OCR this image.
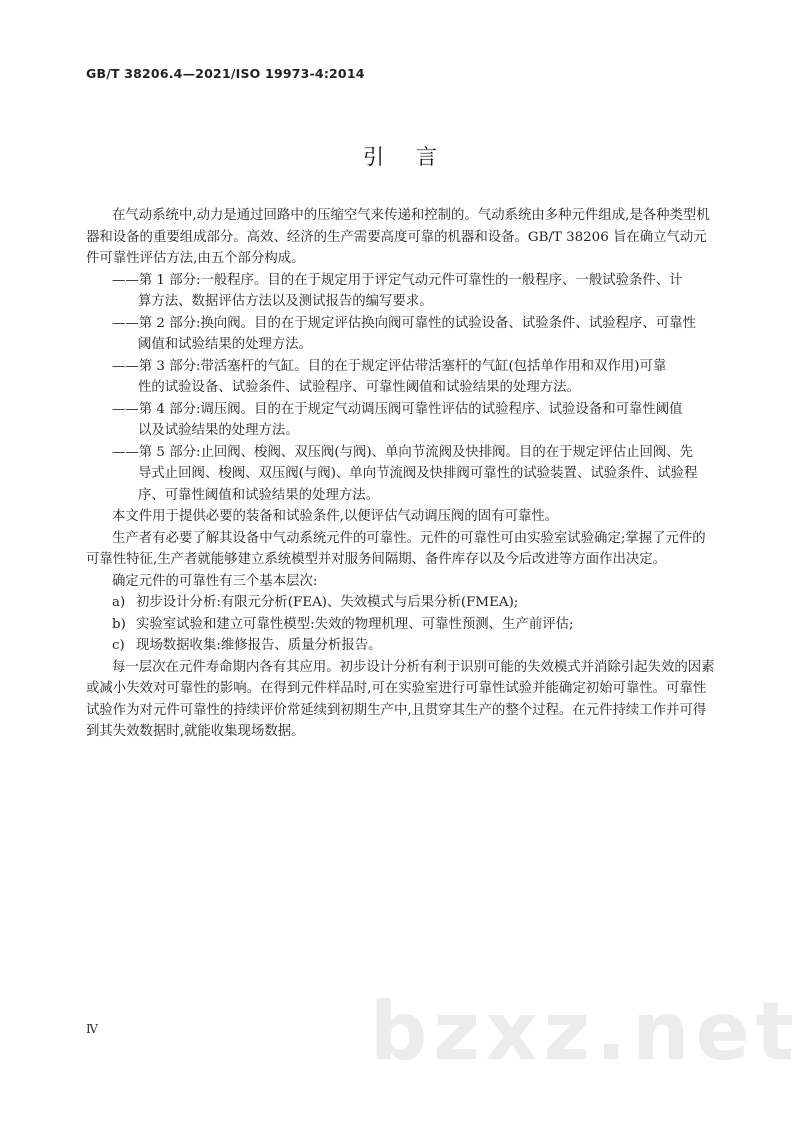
GB/T 38206.4—2021/ISO 19973-4:2014
引言

在气动系统中,动力是通过回路中的压缩空气来传递和控制的。气动系统由多种元件组成,是各种类型机器和设备的重要组成部分。高效、经济的生产需要高度可靠的机器和设备。GB/T 38206 旨在确立气动元件可靠性评估方法,由五个部分构成。

——第 1 部分:一般程序。目的在于规定用于评定气动元件可靠性的一般程序、一般试验条件、计
算方法、数据评估方法以及测试报告的编写要求。

——第 2 部分:换向阀。目的在于规定评估换向阀可靠性的试验设备、试验条件、试验程序、可靠性
阈值和试验结果的处理方法。

——第 3 部分:带活塞杆的气缸。目的在于规定评估带活塞杆的气缸(包括单作用和双作用)可靠
性的试验设备、试验条件、试验程序、可靠性阈值和试验结果的处理方法。

——第 4 部分:调压阀。目的在于规定气动调压阀可靠性评估的试验程序、试验设备和可靠性阈值
以及试验结果的处理方法。

——第 5 部分:止回阀、梭阀、双压阀(与阀)、单向节流阀及快排阀。目的在于规定评估止回阀、先
导式止回阀、梭阀、双压阀(与阀)、单向节流阀及快排阀可靠性的试验装置、试验条件、试验程序、可靠性阈值和试验结果的处理方法。

本文件用于提供必要的装备和试验条件,以便评估气动调压阀的固有可靠性。

生产者有必要了解其设备中气动系统元件的可靠性。元件的可靠性可由实验室试验确定;掌握了元件的可靠性特征,生产者就能够建立系统模型并对服务间隔期、备件库存以及今后改进等方面作出决定。

确定元件的可靠性有三个基本层次:

a) 初步设计分析:有限元分析(FEA)、失效模式与后果分析(FMEA);

b) 实验室试验和建立可靠性模型:失效的物理机理、可靠性预测、生产前评估;

c) 现场数据收集:维修报告、质量分析报告。

每一层次在元件寿命期内各有其应用。初步设计分析有利于识别可能的失效模式并消除引起失效的因素或减小失效对可靠性的影响。在得到元件样品时,可在实验室进行可靠性试验并能确定初始可靠性。可靠性试验作为对元件可靠性的持续评价常延续到初期生产中,且贯穿其生产的整个过程。在元件持续工作并可得到其失效数据时,就能收集现场数据。

bzxz.net
Ⅳ
